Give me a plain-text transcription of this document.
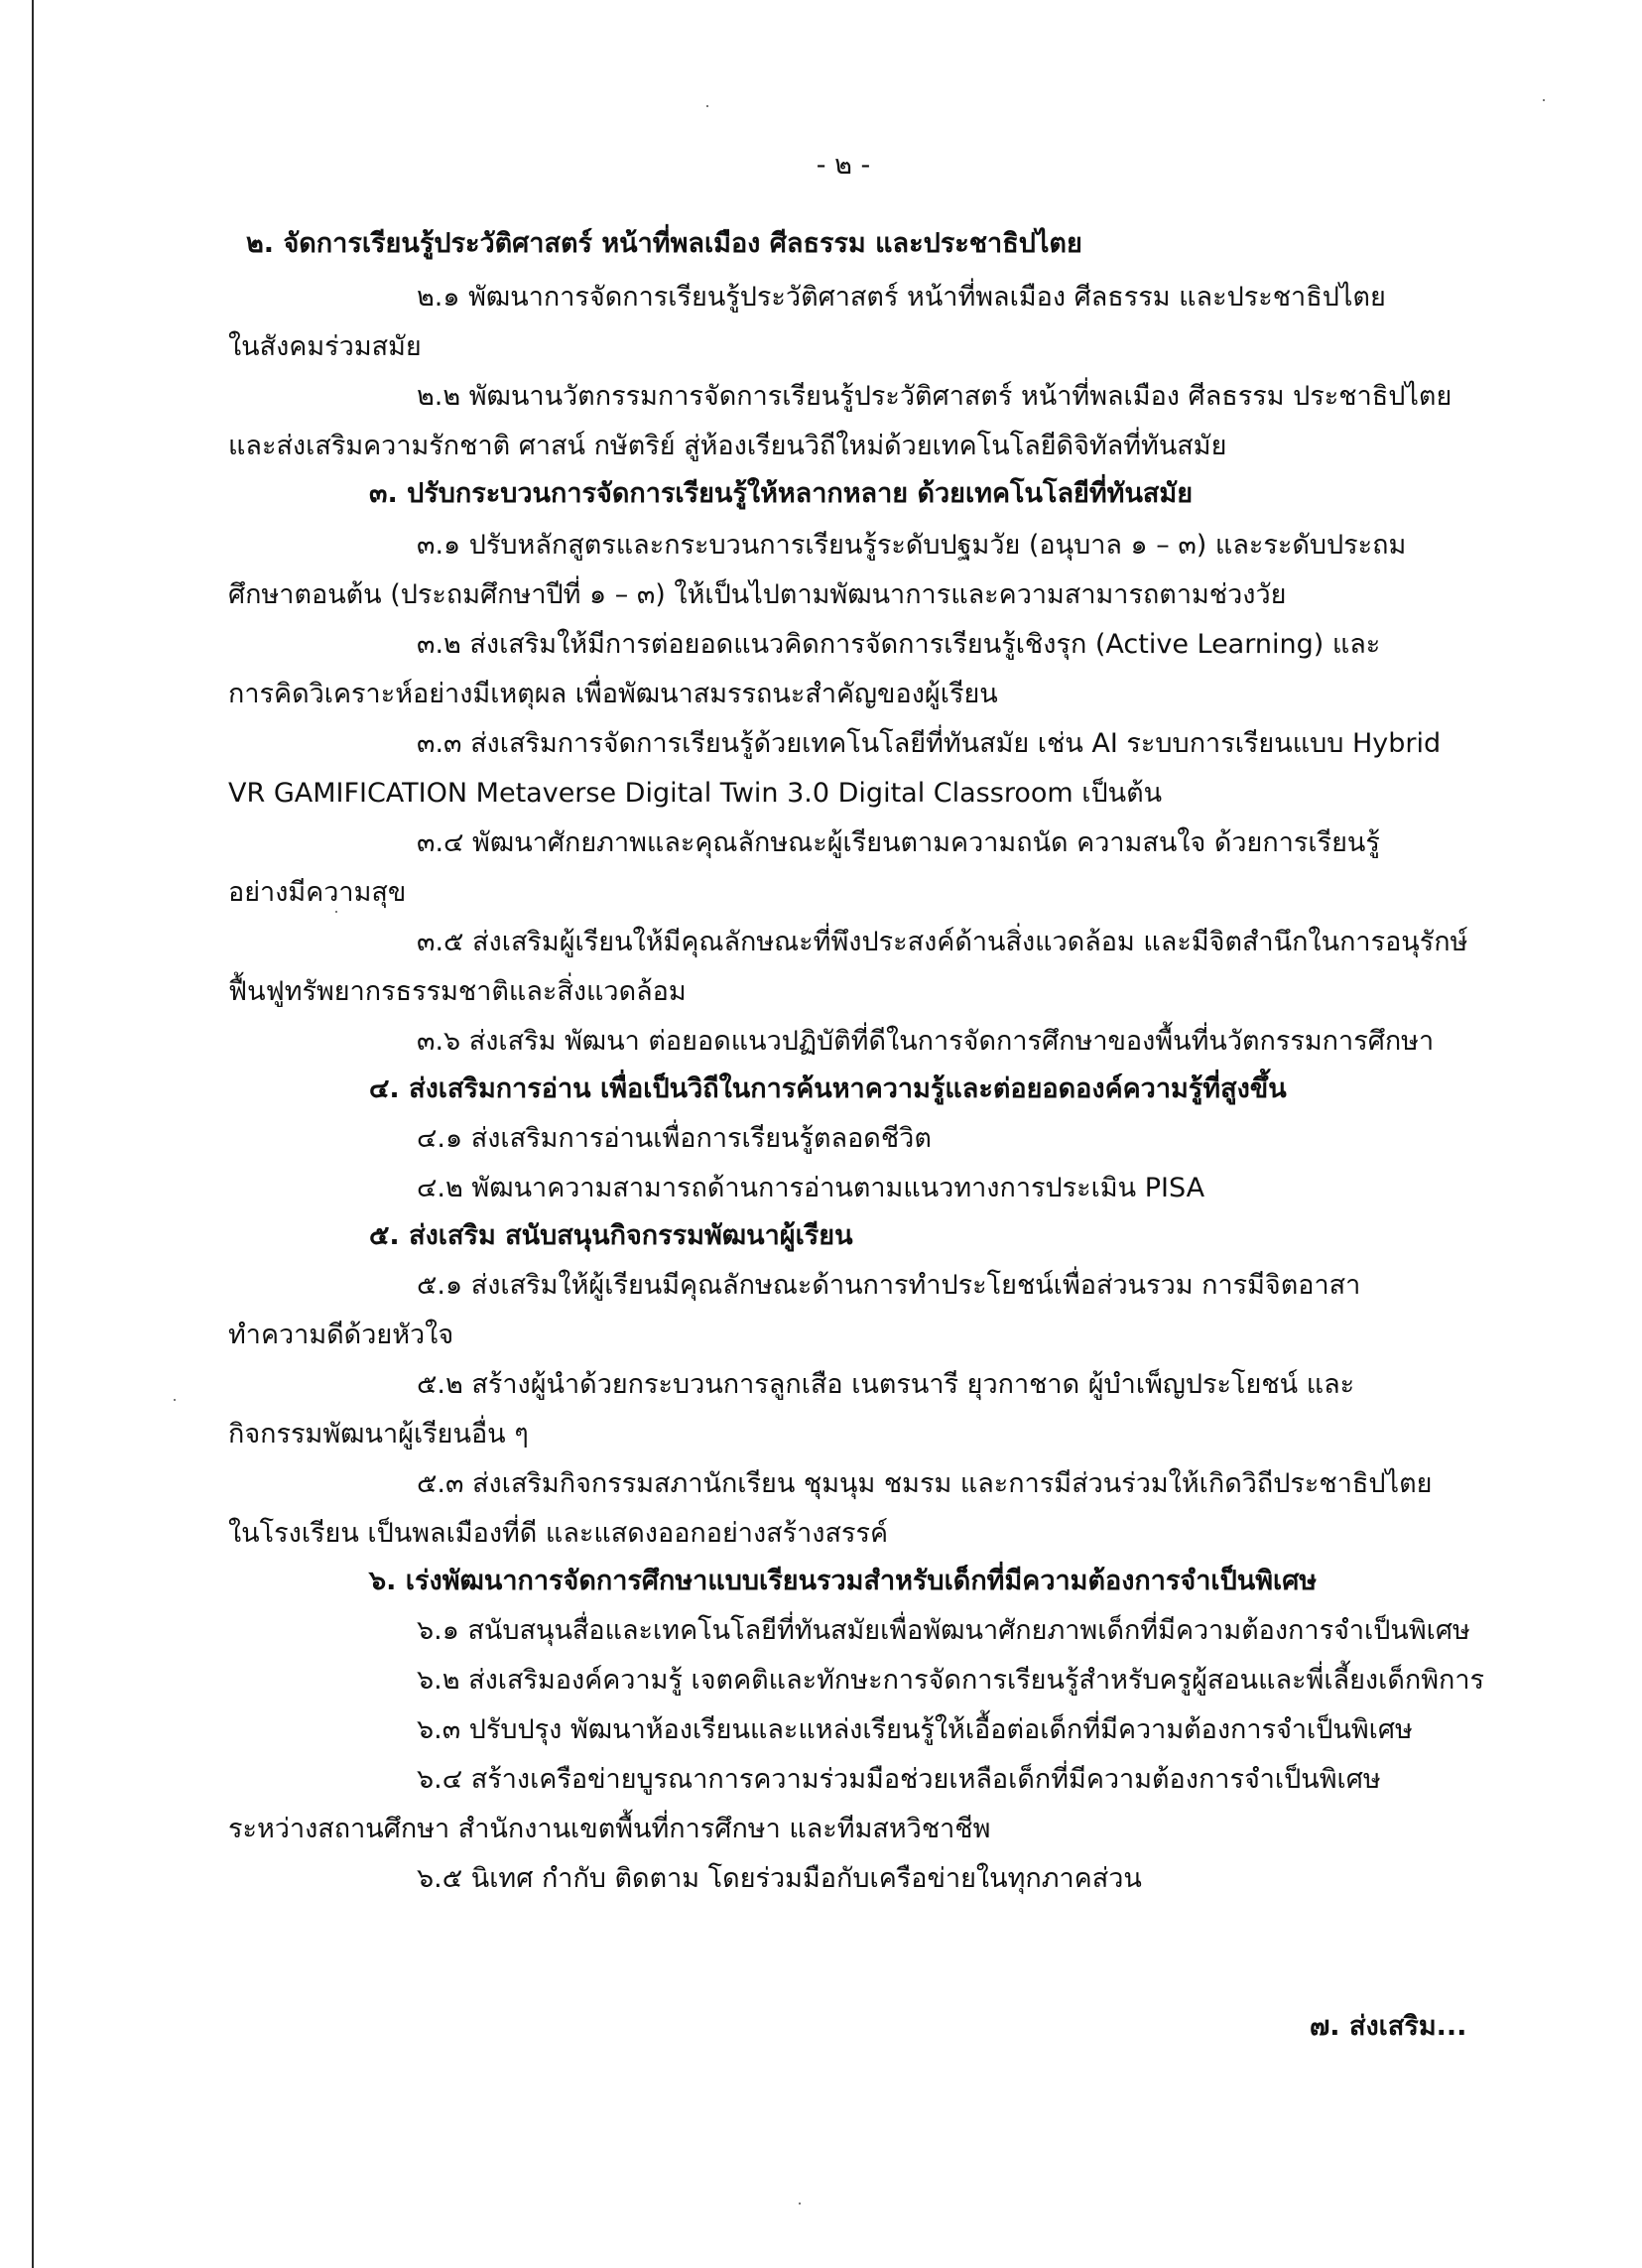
- ๒ -
๒. จัดการเรียนรู้ประวัติศาสตร์ หน้าที่พลเมือง ศีลธรรม และประชาธิปไตย
๒.๑ พัฒนาการจัดการเรียนรู้ประวัติศาสตร์ หน้าที่พลเมือง ศีลธรรม และประชาธิปไตย
ในสังคมร่วมสมัย
๒.๒ พัฒนานวัตกรรมการจัดการเรียนรู้ประวัติศาสตร์ หน้าที่พลเมือง ศีลธรรม ประชาธิปไตย
และส่งเสริมความรักชาติ ศาสน์ กษัตริย์ สู่ห้องเรียนวิถีใหม่ด้วยเทคโนโลยีดิจิทัลที่ทันสมัย
๓. ปรับกระบวนการจัดการเรียนรู้ให้หลากหลาย ด้วยเทคโนโลยีที่ทันสมัย
๓.๑ ปรับหลักสูตรและกระบวนการเรียนรู้ระดับปฐมวัย (อนุบาล ๑ – ๓) และระดับประถม
ศึกษาตอนต้น (ประถมศึกษาปีที่ ๑ – ๓) ให้เป็นไปตามพัฒนาการและความสามารถตามช่วงวัย
๓.๒ ส่งเสริมให้มีการต่อยอดแนวคิดการจัดการเรียนรู้เชิงรุก (Active Learning) และ
การคิดวิเคราะห์อย่างมีเหตุผล เพื่อพัฒนาสมรรถนะสำคัญของผู้เรียน
๓.๓ ส่งเสริมการจัดการเรียนรู้ด้วยเทคโนโลยีที่ทันสมัย เช่น AI ระบบการเรียนแบบ Hybrid
VR GAMIFICATION Metaverse Digital Twin 3.0 Digital Classroom เป็นต้น
๓.๔ พัฒนาศักยภาพและคุณลักษณะผู้เรียนตามความถนัด ความสนใจ ด้วยการเรียนรู้
อย่างมีความสุข
๓.๕ ส่งเสริมผู้เรียนให้มีคุณลักษณะที่พึงประสงค์ด้านสิ่งแวดล้อม และมีจิตสำนึกในการอนุรักษ์
ฟื้นฟูทรัพยากรธรรมชาติและสิ่งแวดล้อม
๓.๖ ส่งเสริม พัฒนา ต่อยอดแนวปฏิบัติที่ดีในการจัดการศึกษาของพื้นที่นวัตกรรมการศึกษา
๔. ส่งเสริมการอ่าน เพื่อเป็นวิถีในการค้นหาความรู้และต่อยอดองค์ความรู้ที่สูงขึ้น
๔.๑ ส่งเสริมการอ่านเพื่อการเรียนรู้ตลอดชีวิต
๔.๒ พัฒนาความสามารถด้านการอ่านตามแนวทางการประเมิน PISA
๕. ส่งเสริม สนับสนุนกิจกรรมพัฒนาผู้เรียน
๕.๑ ส่งเสริมให้ผู้เรียนมีคุณลักษณะด้านการทำประโยชน์เพื่อส่วนรวม การมีจิตอาสา
ทำความดีด้วยหัวใจ
๕.๒ สร้างผู้นำด้วยกระบวนการลูกเสือ เนตรนารี ยุวกาชาด ผู้บำเพ็ญประโยชน์ และ
กิจกรรมพัฒนาผู้เรียนอื่น ๆ
๕.๓ ส่งเสริมกิจกรรมสภานักเรียน ชุมนุม ชมรม และการมีส่วนร่วมให้เกิดวิถีประชาธิปไตย
ในโรงเรียน เป็นพลเมืองที่ดี และแสดงออกอย่างสร้างสรรค์
๖. เร่งพัฒนาการจัดการศึกษาแบบเรียนรวมสำหรับเด็กที่มีความต้องการจำเป็นพิเศษ
๖.๑ สนับสนุนสื่อและเทคโนโลยีที่ทันสมัยเพื่อพัฒนาศักยภาพเด็กที่มีความต้องการจำเป็นพิเศษ
๖.๒ ส่งเสริมองค์ความรู้ เจตคติและทักษะการจัดการเรียนรู้สำหรับครูผู้สอนและพี่เลี้ยงเด็กพิการ
๖.๓ ปรับปรุง พัฒนาห้องเรียนและแหล่งเรียนรู้ให้เอื้อต่อเด็กที่มีความต้องการจำเป็นพิเศษ
๖.๔ สร้างเครือข่ายบูรณาการความร่วมมือช่วยเหลือเด็กที่มีความต้องการจำเป็นพิเศษ
ระหว่างสถานศึกษา สำนักงานเขตพื้นที่การศึกษา และทีมสหวิชาชีพ
๖.๕ นิเทศ กำกับ ติดตาม โดยร่วมมือกับเครือข่ายในทุกภาคส่วน
๗. ส่งเสริม...
